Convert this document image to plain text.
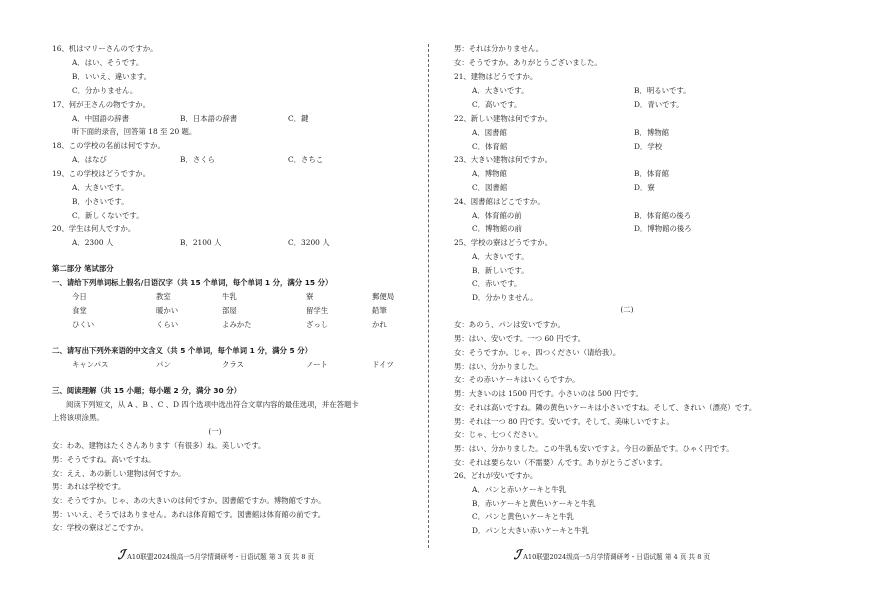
16、机はマリーさんのですか。
A．はい、そうです。
B．いいえ、違います。
C．分かりません。
17、何が王さんの物ですか。
A．中国語の辞書	B．日本語の辞書	C．鍵
听下面的录音，回答第 18 至 20 题。
18、この学校の名前は何ですか。
A．はなび	B．さくら	C．さちこ
19、この学校はどうですか。
A．大きいです。
B．小さいです。
C．新しくないです。
20、学生は何人ですか。
A．2300 人	B．2100 人	C．3200 人
第二部分 笔试部分
一、请给下列单词标上假名/日语汉字（共 15 个单词，每个单词 1 分，满分 15 分）
今日	教室	牛乳	寮	郵便局
食堂	暖かい	部屋	留学生	鉛筆
ひくい	くらい	よみかた	ざっし	かれ
二、请写出下列外来语的中文含义（共 5 个单词，每个单词 1 分，满分 5 分）
キャンパス	パン	クラス	ノート	ドイツ
三、阅读理解（共 15 小题；每小题 2 分，满分 30 分）
阅读下列短文，从 A 、B 、C 、D 四个选项中选出符合文章内容的最佳选项，并在答题卡
上将该项涂黑。
(一)
女：わあ、建物はたくさんあります（有很多）ね。美しいです。
男：そうですね。高いですね。
女：ええ、あの新しい建物は何ですか。
男：あれは学校です。
女：そうですか。じゃ、あの大きいのは何ですか。図書館ですか。博物館ですか。
男：いいえ、そうではありません。あれは体育館です。図書館は体育館の前です。
女：学校の寮はどこですか。
ℐ A10联盟2024级高一5月学情调研考・日语试题 第 3 页 共 8 页
男：それは分かりません。
女：そうですか。ありがとうございました。
21、建物はどうですか。
A．大きいです。	B．明るいです。
C．高いです。	D．青いです。
22、新しい建物は何ですか。
A．図書館	B．博物館
C．体育館	D．学校
23、大きい建物は何ですか。
A．博物館	B．体育館
C．図書館	D．寮
24、図書館はどこですか。
A．体育館の前	B．体育館の後ろ
C．博物館の前	D．博物館の後ろ
25、学校の寮はどうですか。
A．大きいです。
B．新しいです。
C．赤いです。
D．分かりません。
(二)
女：あのう、パンは安いですか。
男：はい、安いです。一つ 60 円です。
女：そうですか。じゃ、四つください（请给我）。
男：はい、分かりました。
女：その赤いケーキはいくらですか。
男：大きいのは 1500 円です。小さいのは 500 円です。
女：それは高いですね。隣の黄色いケーキは小さいですね。そして、きれい（漂亮）です。
男：それは一つ 80 円です。安いです。そして、美味しいですよ。
女：じゃ、七つください。
男：はい、分かりました。この牛乳も安いですよ。今日の新品です。ひゃく円です。
女：それは要らない（不需要）んです。ありがとうございます。
26、どれが安いですか。
A．パンと赤いケーキと牛乳
B．赤いケーキと黄色いケーキと牛乳
C．パンと黄色いケーキと牛乳
D．パンと大きい赤いケーキと牛乳
ℐ A10联盟2024级高一5月学情调研考・日语试题 第 4 页 共 8 页
